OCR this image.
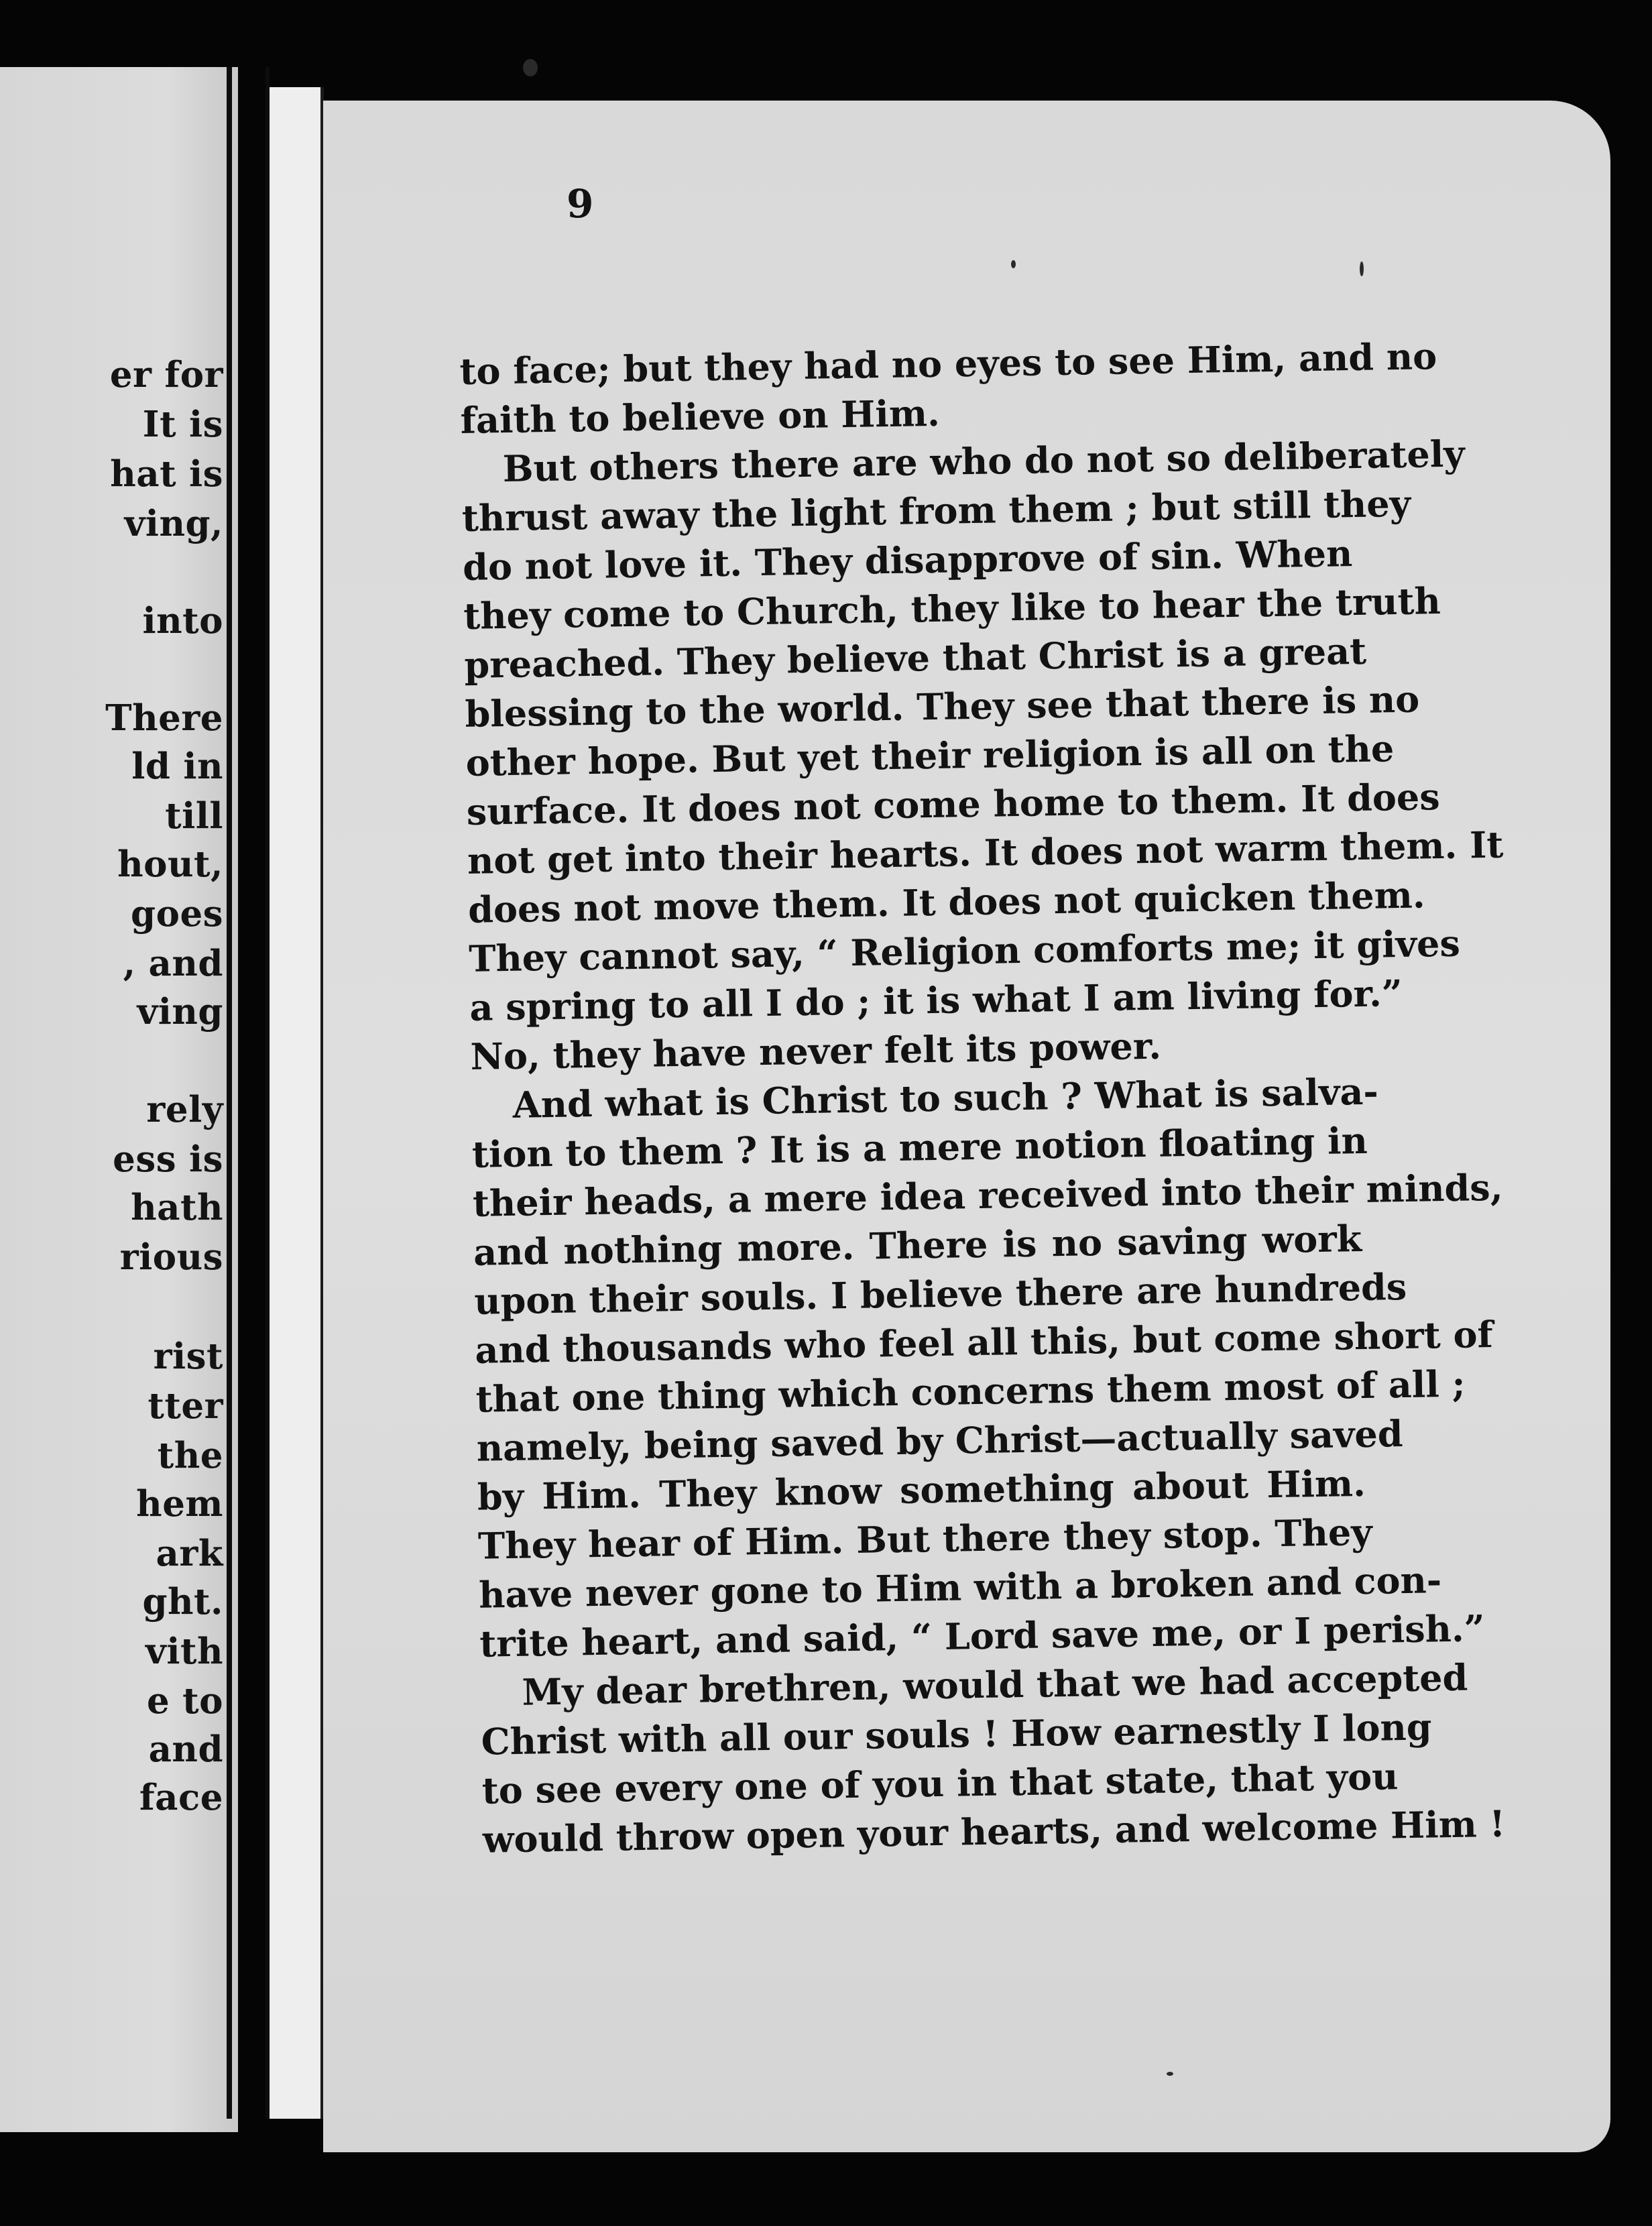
er for
It is
hat is
ving,
into
There
ld in
till
hout,
goes
, and
ving
rely
ess is
hath
rious
rist
tter
the
hem
ark
ght.
vith
e to
and
face
9
to face; but they had no eyes to see Him, and no
faith to believe on Him.
But others there are who do not so deliberately
thrust away the light from them ; but still they
do not love it. They disapprove of sin. When
they come to Church, they like to hear the truth
preached. They believe that Christ is a great
blessing to the world. They see that there is no
other hope. But yet their religion is all on the
surface. It does not come home to them. It does
not get into their hearts. It does not warm them. It
does not move them. It does not quicken them.
They cannot say, “ Religion comforts me; it gives
a spring to all I do ; it is what I am living for.”
No, they have never felt its power.
And what is Christ to such ? What is salva-
tion to them ? It is a mere notion floating in
their heads, a mere idea received into their minds,
and nothing more. There is no saving work
upon their souls. I believe there are hundreds
and thousands who feel all this, but come short of
that one thing which concerns them most of all ;
namely, being saved by Christ—actually saved
by Him. They know something about Him.
They hear of Him. But there they stop. They
have never gone to Him with a broken and con-
trite heart, and said, “ Lord save me, or I perish.”
My dear brethren, would that we had accepted
Christ with all our souls ! How earnestly I long
to see every one of you in that state, that you
would throw open your hearts, and welcome Him !
